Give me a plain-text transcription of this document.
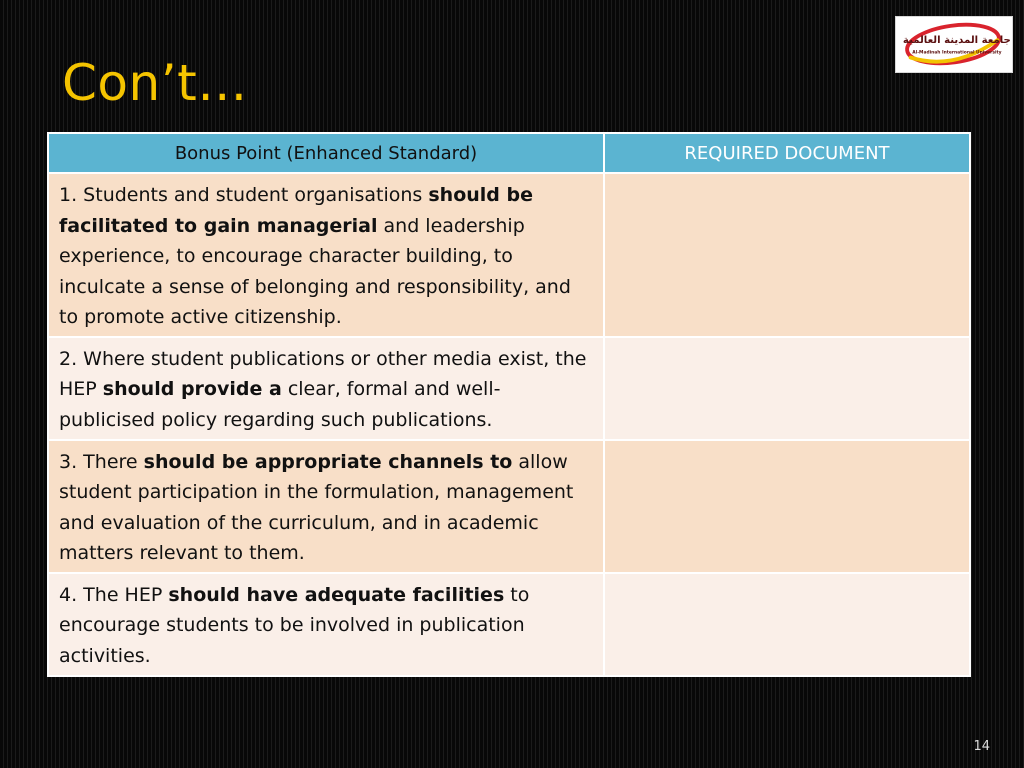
Con’t…
جامعة المدينة العالمية
Al-Madinah International University
Bonus Point (Enhanced Standard)	REQUIRED DOCUMENT
1. Students and student organisations should be facilitated to gain managerial and leadership experience, to encourage character building, to inculcate a sense of belonging and responsibility, and to promote active citizenship.	
2. Where student publications or other media exist, the HEP should provide a clear, formal and well-publicised policy regarding such publications.	
3. There should be appropriate channels to allow student participation in the formulation, management and evaluation of the curriculum, and in academic matters relevant to them.	
4. The HEP should have adequate facilities to encourage students to be involved in publication activities.	
14
